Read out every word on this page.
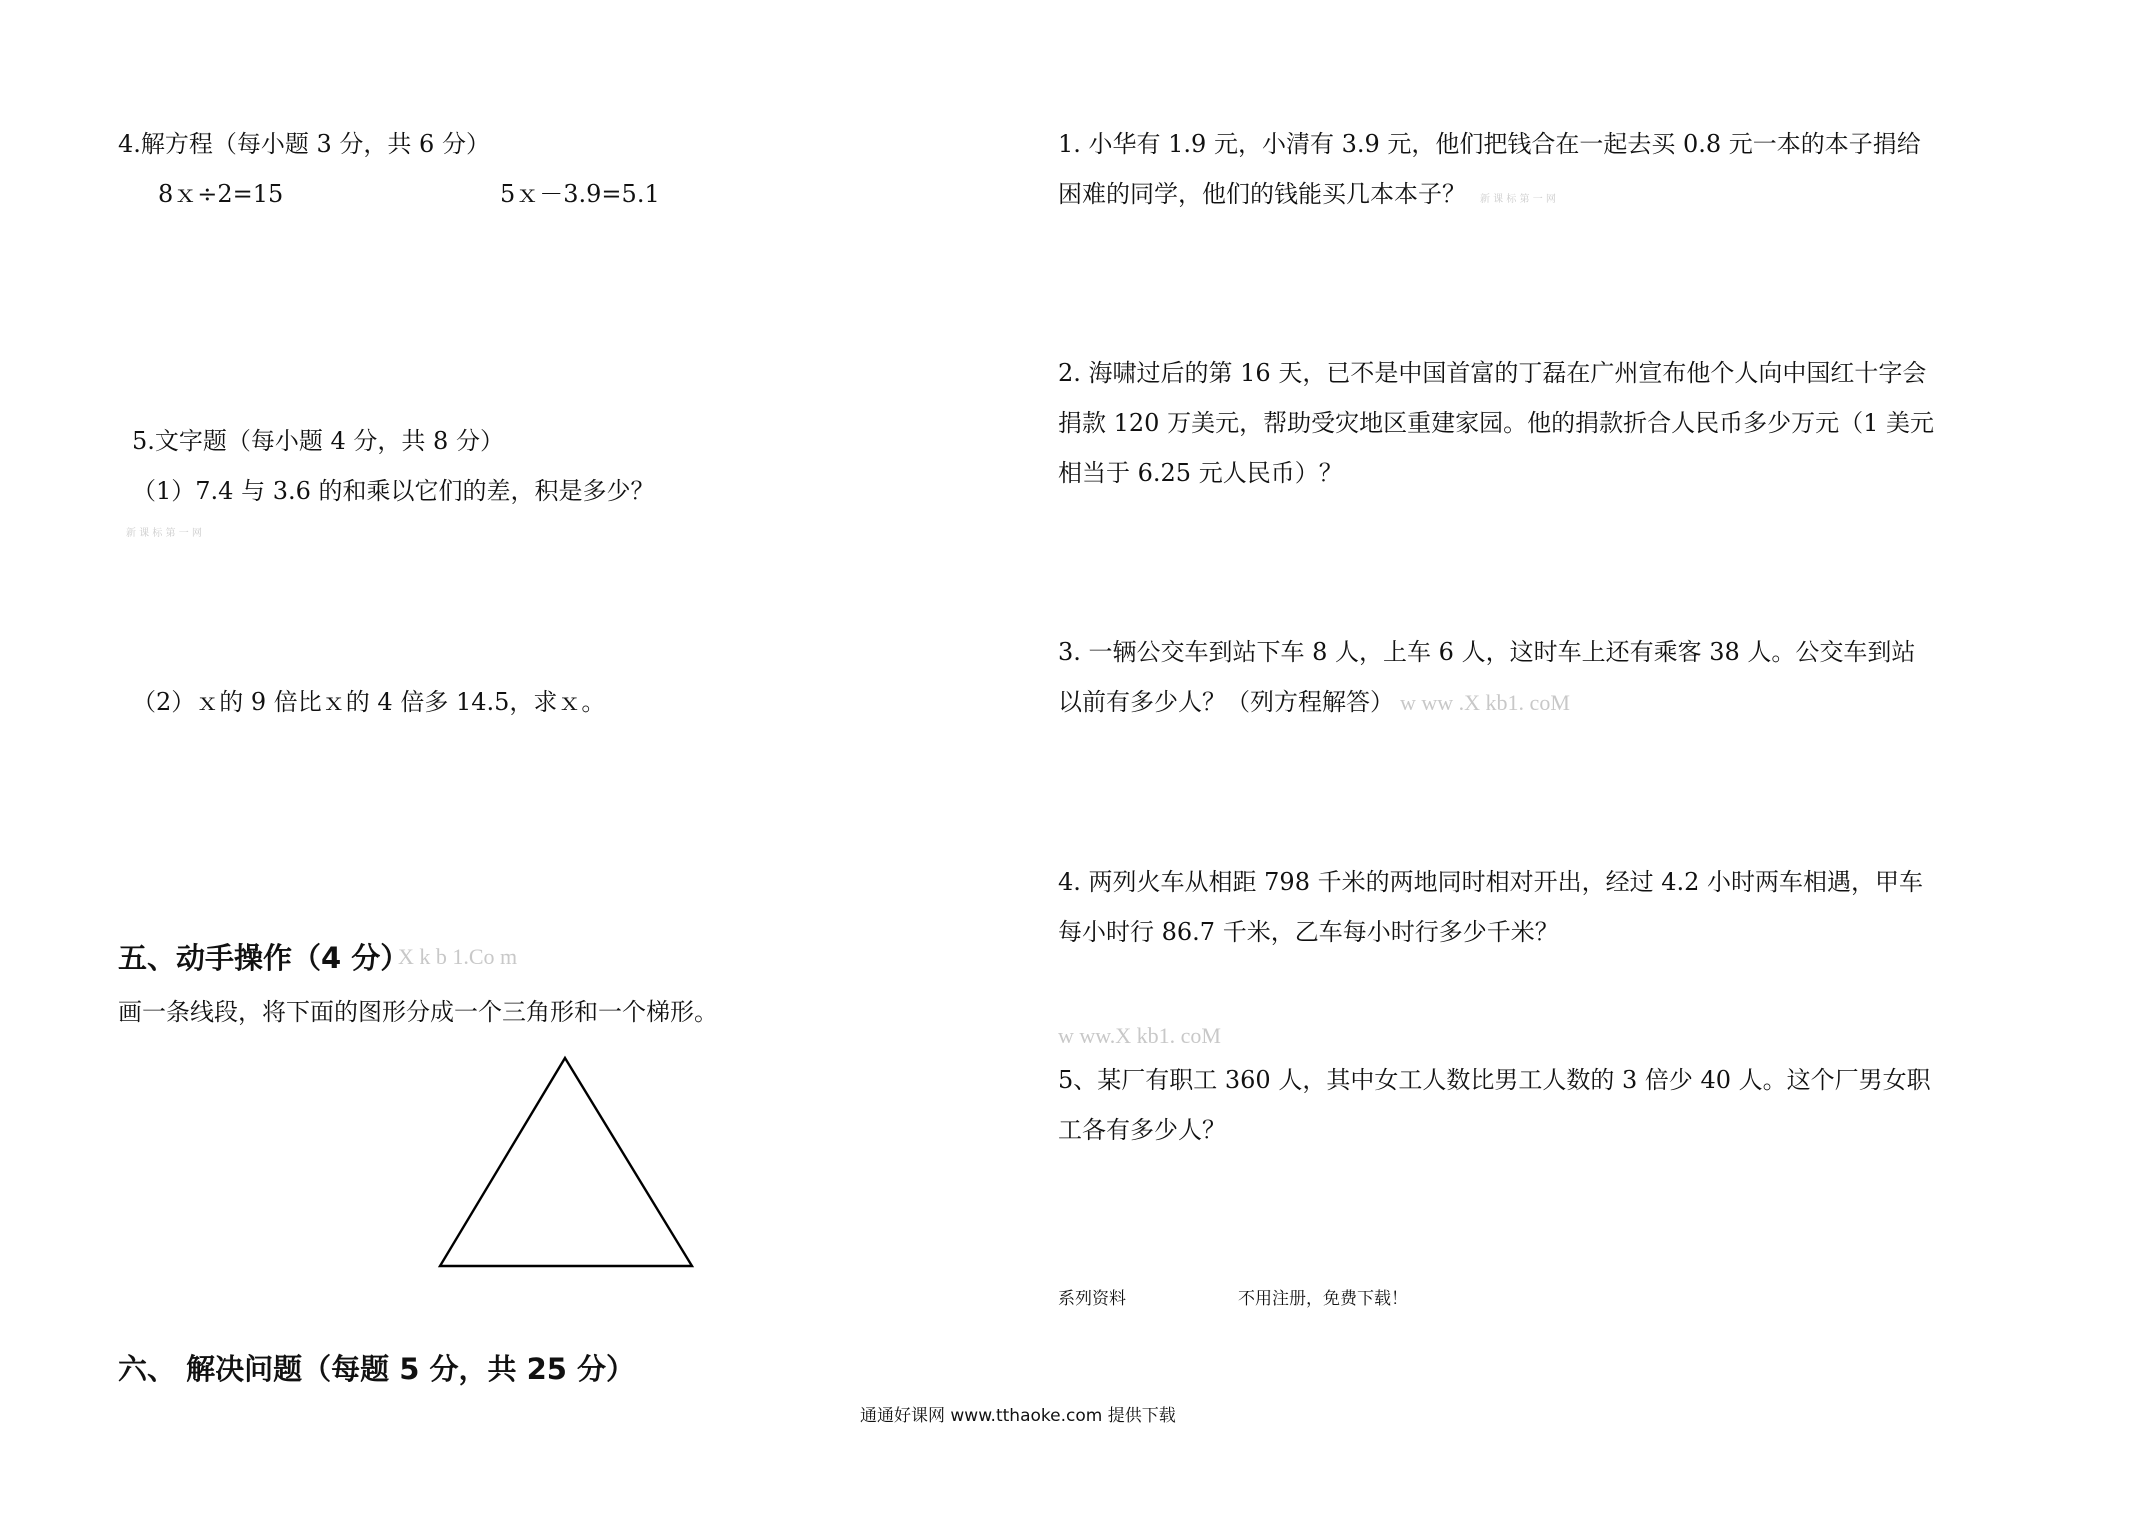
4.解方程（每小题 3 分，共 6 分）
8ｘ÷2=15	5ｘ－3.9=5.1
5.文字题（每小题 4 分，共 8 分）
（1）7.4 与 3.6 的和乘以它们的差，积是多少？
新 课 标 第 一 网
（2）ｘ的 9 倍比ｘ的 4 倍多 14.5，求ｘ。
五、动手操作（4 分）
X k b 1.Co m
画一条线段，将下面的图形分成一个三角形和一个梯形。
六、 解决问题（每题 5 分，共 25 分）
1. 小华有 1.9 元，小清有 3.9 元，他们把钱合在一起去买 0.8 元一本的本子捐给困难的同学，他们的钱能买几本本子？ 新 课 标 第 一 网
2. 海啸过后的第 16 天，已不是中国首富的丁磊在广州宣布他个人向中国红十字会捐款 120 万美元，帮助受灾地区重建家园。他的捐款折合人民币多少万元（1 美元相当于 6.25 元人民币）？
3. 一辆公交车到站下车 8 人，上车 6 人，这时车上还有乘客 38 人。公交车到站以前有多少人？（列方程解答） w ww .X kb1. coM
4. 两列火车从相距 798 千米的两地同时相对开出，经过 4.2 小时两车相遇，甲车每小时行 86.7 千米，乙车每小时行多少千米？
w ww.X kb1. coM
5、某厂有职工 360 人，其中女工人数比男工人数的 3 倍少 40 人。这个厂男女职工各有多少人？
系列资料	不用注册，免费下载！
通通好课网 www.tthaoke.com 提供下载
